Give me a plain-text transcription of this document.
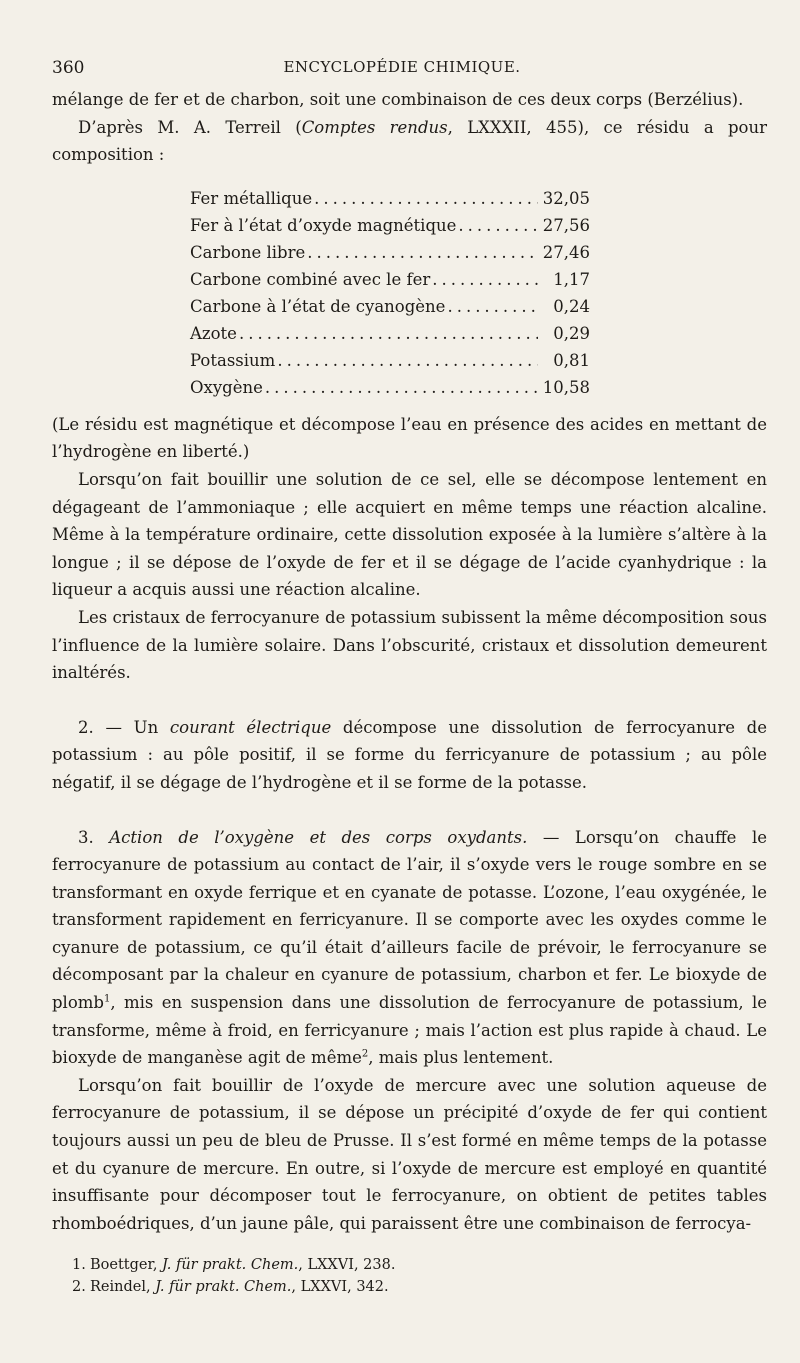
360	ENCYCLOPÉDIE CHIMIQUE.

mélange de fer et de charbon, soit une combinaison de ces deux corps (Berzélius).

D’après M. A. Terreil (Comptes rendus, LXXXII, 455), ce résidu a pour composition :

Fer métallique .....	32,05
Fer à l’état d’oxyde magnétique .....	27,56
Carbone libre .....	27,46
Carbone combiné avec le fer .....	1,17
Carbone à l’état de cyanogène .....	0,24
Azote .....	0,29
Potassium .....	0,81
Oxygène .....	10,58

(Le résidu est magnétique et décompose l’eau en présence des acides en mettant de l’hydrogène en liberté.)

Lorsqu’on fait bouillir une solution de ce sel, elle se décompose lentement en dégageant de l’ammoniaque ; elle acquiert en même temps une réaction alcaline. Même à la température ordinaire, cette dissolution exposée à la lumière s’altère à la longue ; il se dépose de l’oxyde de fer et il se dégage de l’acide cyanhydrique : la liqueur a acquis aussi une réaction alcaline.

Les cristaux de ferrocyanure de potassium subissent la même décomposition sous l’influence de la lumière solaire. Dans l’obscurité, cristaux et dissolution demeurent inaltérés.

2. — Un courant électrique décompose une dissolution de ferrocyanure de potassium : au pôle positif, il se forme du ferricyanure de potassium ; au pôle négatif, il se dégage de l’hydrogène et il se forme de la potasse.

3. Action de l’oxygène et des corps oxydants. — Lorsqu’on chauffe le ferrocyanure de potassium au contact de l’air, il s’oxyde vers le rouge sombre en se transformant en oxyde ferrique et en cyanate de potasse. L’ozone, l’eau oxygénée, le transforment rapidement en ferricyanure. Il se comporte avec les oxydes comme le cyanure de potassium, ce qu’il était d’ailleurs facile de prévoir, le ferrocyanure se décomposant par la chaleur en cyanure de potassium, charbon et fer. Le bioxyde de plomb$^1$, mis en suspension dans une dissolution de ferrocyanure de potassium, le transforme, même à froid, en ferricyanure ; mais l’action est plus rapide à chaud. Le bioxyde de manganèse agit de même$^2$, mais plus lentement.

Lorsqu’on fait bouillir de l’oxyde de mercure avec une solution aqueuse de ferrocyanure de potassium, il se dépose un précipité d’oxyde de fer qui contient toujours aussi un peu de bleu de Prusse. Il s’est formé en même temps de la potasse et du cyanure de mercure. En outre, si l’oxyde de mercure est employé en quantité insuffisante pour décomposer tout le ferrocyanure, on obtient de petites tables rhomboédriques, d’un jaune pâle, qui paraissent être une combinaison de ferrocya-

1. Boettger, J. für prakt. Chem., LXXVI, 238.
2. Reindel, J. für prakt. Chem., LXXVI, 342.
